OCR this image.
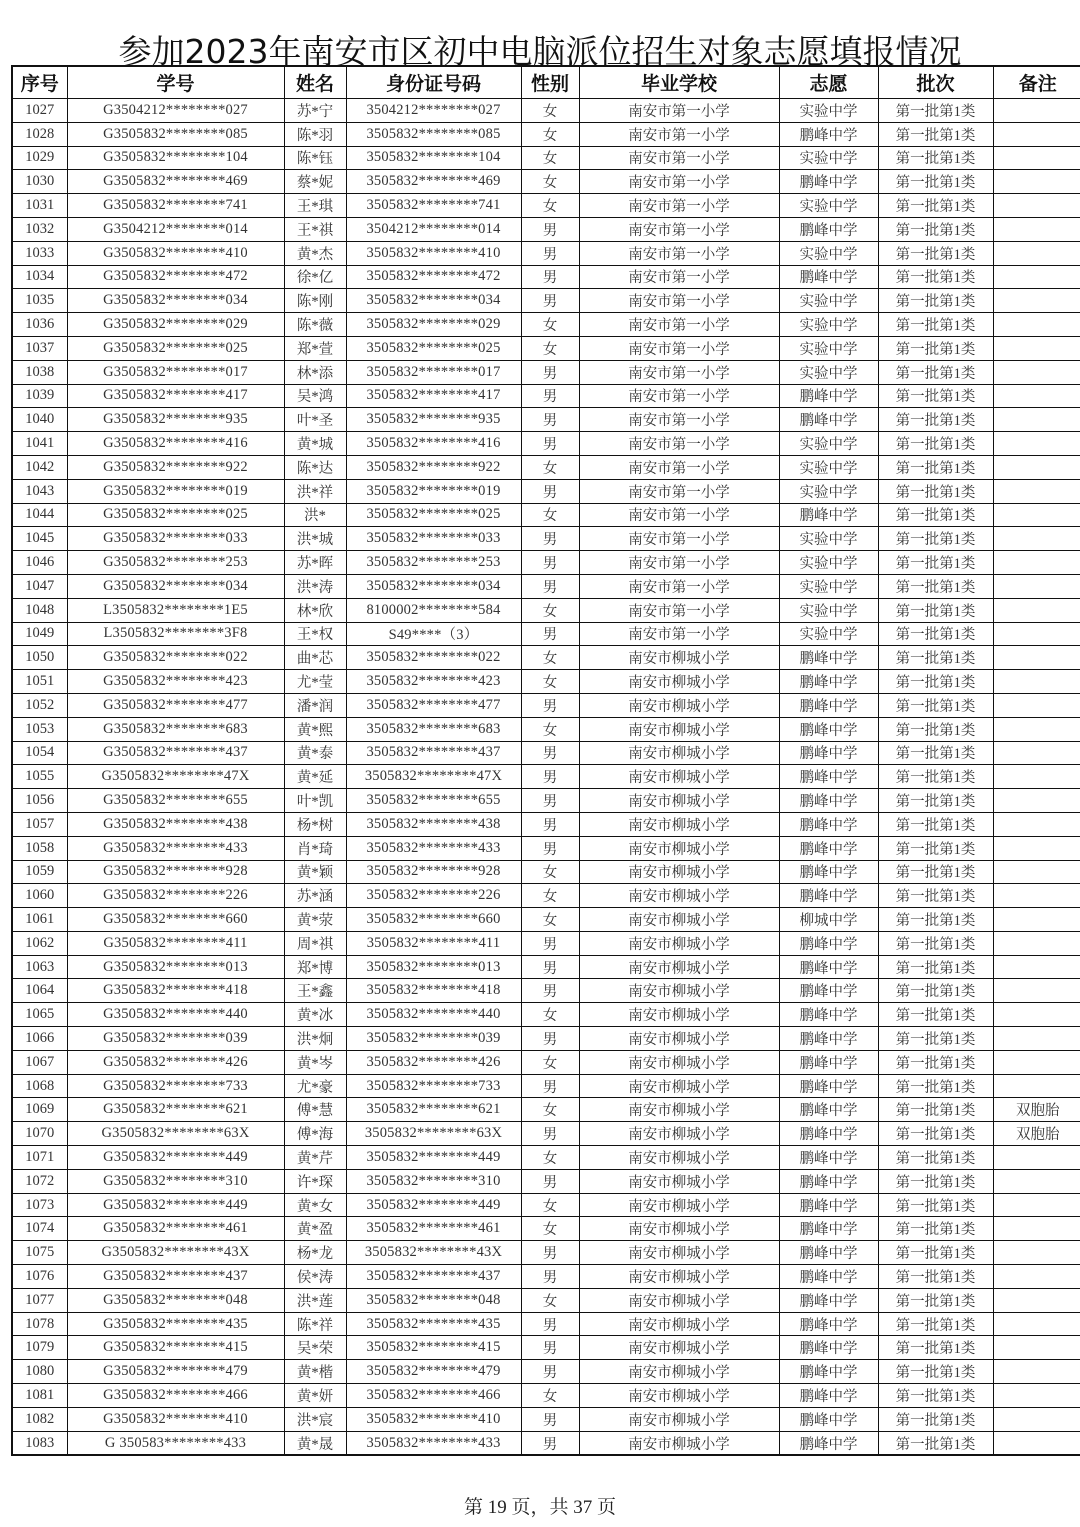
参加2023年南安市区初中电脑派位招生对象志愿填报情况
序号	学号	姓名	身份证号码	性别	毕业学校	志愿	批次	备注
1027	G3504212********027	苏*宁	3504212********027	女	南安市第一小学	实验中学	第一批第1类	
1028	G3505832********085	陈*羽	3505832********085	女	南安市第一小学	鹏峰中学	第一批第1类	
1029	G3505832********104	陈*钰	3505832********104	女	南安市第一小学	实验中学	第一批第1类	
1030	G3505832********469	蔡*妮	3505832********469	女	南安市第一小学	鹏峰中学	第一批第1类	
1031	G3505832********741	王*琪	3505832********741	女	南安市第一小学	实验中学	第一批第1类	
1032	G3504212********014	王*祺	3504212********014	男	南安市第一小学	鹏峰中学	第一批第1类	
1033	G3505832********410	黄*杰	3505832********410	男	南安市第一小学	实验中学	第一批第1类	
1034	G3505832********472	徐*亿	3505832********472	男	南安市第一小学	鹏峰中学	第一批第1类	
1035	G3505832********034	陈*刚	3505832********034	男	南安市第一小学	实验中学	第一批第1类	
1036	G3505832********029	陈*薇	3505832********029	女	南安市第一小学	实验中学	第一批第1类	
1037	G3505832********025	郑*萱	3505832********025	女	南安市第一小学	实验中学	第一批第1类	
1038	G3505832********017	林*添	3505832********017	男	南安市第一小学	实验中学	第一批第1类	
1039	G3505832********417	吴*鸿	3505832********417	男	南安市第一小学	鹏峰中学	第一批第1类	
1040	G3505832********935	叶*圣	3505832********935	男	南安市第一小学	鹏峰中学	第一批第1类	
1041	G3505832********416	黄*城	3505832********416	男	南安市第一小学	实验中学	第一批第1类	
1042	G3505832********922	陈*达	3505832********922	女	南安市第一小学	实验中学	第一批第1类	
1043	G3505832********019	洪*祥	3505832********019	男	南安市第一小学	实验中学	第一批第1类	
1044	G3505832********025	洪*	3505832********025	女	南安市第一小学	鹏峰中学	第一批第1类	
1045	G3505832********033	洪*城	3505832********033	男	南安市第一小学	实验中学	第一批第1类	
1046	G3505832********253	苏*晖	3505832********253	男	南安市第一小学	实验中学	第一批第1类	
1047	G3505832********034	洪*涛	3505832********034	男	南安市第一小学	实验中学	第一批第1类	
1048	L3505832********1E5	林*欣	8100002********584	女	南安市第一小学	实验中学	第一批第1类	
1049	L3505832********3F8	王*权	S49****（3）	男	南安市第一小学	实验中学	第一批第1类	
1050	G3505832********022	曲*芯	3505832********022	女	南安市柳城小学	鹏峰中学	第一批第1类	
1051	G3505832********423	尤*莹	3505832********423	女	南安市柳城小学	鹏峰中学	第一批第1类	
1052	G3505832********477	潘*润	3505832********477	男	南安市柳城小学	鹏峰中学	第一批第1类	
1053	G3505832********683	黄*熙	3505832********683	女	南安市柳城小学	鹏峰中学	第一批第1类	
1054	G3505832********437	黄*泰	3505832********437	男	南安市柳城小学	鹏峰中学	第一批第1类	
1055	G3505832********47X	黄*延	3505832********47X	男	南安市柳城小学	鹏峰中学	第一批第1类	
1056	G3505832********655	叶*凯	3505832********655	男	南安市柳城小学	鹏峰中学	第一批第1类	
1057	G3505832********438	杨*树	3505832********438	男	南安市柳城小学	鹏峰中学	第一批第1类	
1058	G3505832********433	肖*琦	3505832********433	男	南安市柳城小学	鹏峰中学	第一批第1类	
1059	G3505832********928	黄*颖	3505832********928	女	南安市柳城小学	鹏峰中学	第一批第1类	
1060	G3505832********226	苏*涵	3505832********226	女	南安市柳城小学	鹏峰中学	第一批第1类	
1061	G3505832********660	黄*荥	3505832********660	女	南安市柳城小学	柳城中学	第一批第1类	
1062	G3505832********411	周*祺	3505832********411	男	南安市柳城小学	鹏峰中学	第一批第1类	
1063	G3505832********013	郑*博	3505832********013	男	南安市柳城小学	鹏峰中学	第一批第1类	
1064	G3505832********418	王*鑫	3505832********418	男	南安市柳城小学	鹏峰中学	第一批第1类	
1065	G3505832********440	黄*冰	3505832********440	女	南安市柳城小学	鹏峰中学	第一批第1类	
1066	G3505832********039	洪*炯	3505832********039	男	南安市柳城小学	鹏峰中学	第一批第1类	
1067	G3505832********426	黄*岑	3505832********426	女	南安市柳城小学	鹏峰中学	第一批第1类	
1068	G3505832********733	尤*豪	3505832********733	男	南安市柳城小学	鹏峰中学	第一批第1类	
1069	G3505832********621	傅*慧	3505832********621	女	南安市柳城小学	鹏峰中学	第一批第1类	双胞胎
1070	G3505832********63X	傅*海	3505832********63X	男	南安市柳城小学	鹏峰中学	第一批第1类	双胞胎
1071	G3505832********449	黄*芹	3505832********449	女	南安市柳城小学	鹏峰中学	第一批第1类	
1072	G3505832********310	许*琛	3505832********310	男	南安市柳城小学	鹏峰中学	第一批第1类	
1073	G3505832********449	黄*女	3505832********449	女	南安市柳城小学	鹏峰中学	第一批第1类	
1074	G3505832********461	黄*盈	3505832********461	女	南安市柳城小学	鹏峰中学	第一批第1类	
1075	G3505832********43X	杨*龙	3505832********43X	男	南安市柳城小学	鹏峰中学	第一批第1类	
1076	G3505832********437	侯*涛	3505832********437	男	南安市柳城小学	鹏峰中学	第一批第1类	
1077	G3505832********048	洪*莲	3505832********048	女	南安市柳城小学	鹏峰中学	第一批第1类	
1078	G3505832********435	陈*祥	3505832********435	男	南安市柳城小学	鹏峰中学	第一批第1类	
1079	G3505832********415	吴*荣	3505832********415	男	南安市柳城小学	鹏峰中学	第一批第1类	
1080	G3505832********479	黄*楷	3505832********479	男	南安市柳城小学	鹏峰中学	第一批第1类	
1081	G3505832********466	黄*妍	3505832********466	女	南安市柳城小学	鹏峰中学	第一批第1类	
1082	G3505832********410	洪*宸	3505832********410	男	南安市柳城小学	鹏峰中学	第一批第1类	
1083	G 350583********433	黄*晟	3505832********433	男	南安市柳城小学	鹏峰中学	第一批第1类	
第 19 页，共 37 页
